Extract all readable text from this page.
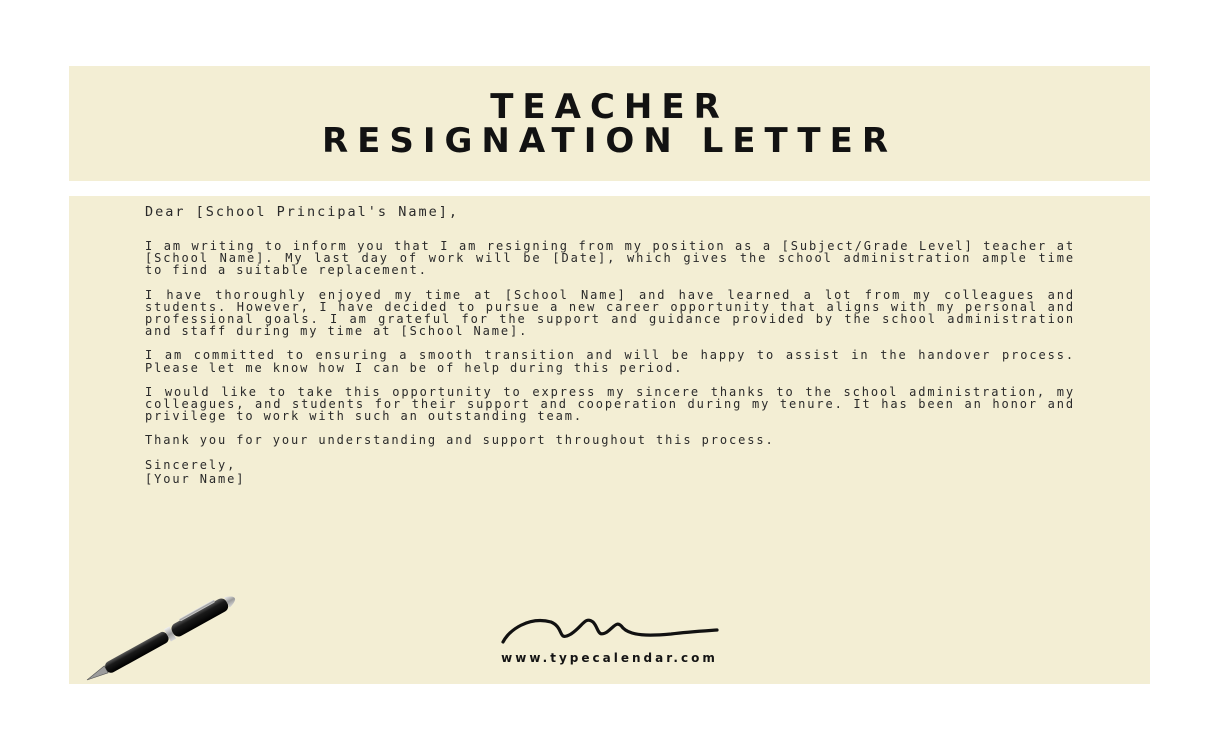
TEACHER
RESIGNATION LETTER

Dear [School Principal's Name],

I am writing to inform you that I am resigning from my position as a [Subject/Grade Level] teacher at [School Name]. My last day of work will be [Date], which gives the school administration ample time to find a suitable replacement.

I have thoroughly enjoyed my time at [School Name] and have learned a lot from my colleagues and students. However, I have decided to pursue a new career opportunity that aligns with my personal and professional goals. I am grateful for the support and guidance provided by the school administration and staff during my time at [School Name].

I am committed to ensuring a smooth transition and will be happy to assist in the handover process. Please let me know how I can be of help during this period.

I would like to take this opportunity to express my sincere thanks to the school administration, my colleagues, and students for their support and cooperation during my tenure. It has been an honor and privilege to work with such an outstanding team.

Thank you for your understanding and support throughout this process.

Sincerely,

[Your Name]

www.typecalendar.com
